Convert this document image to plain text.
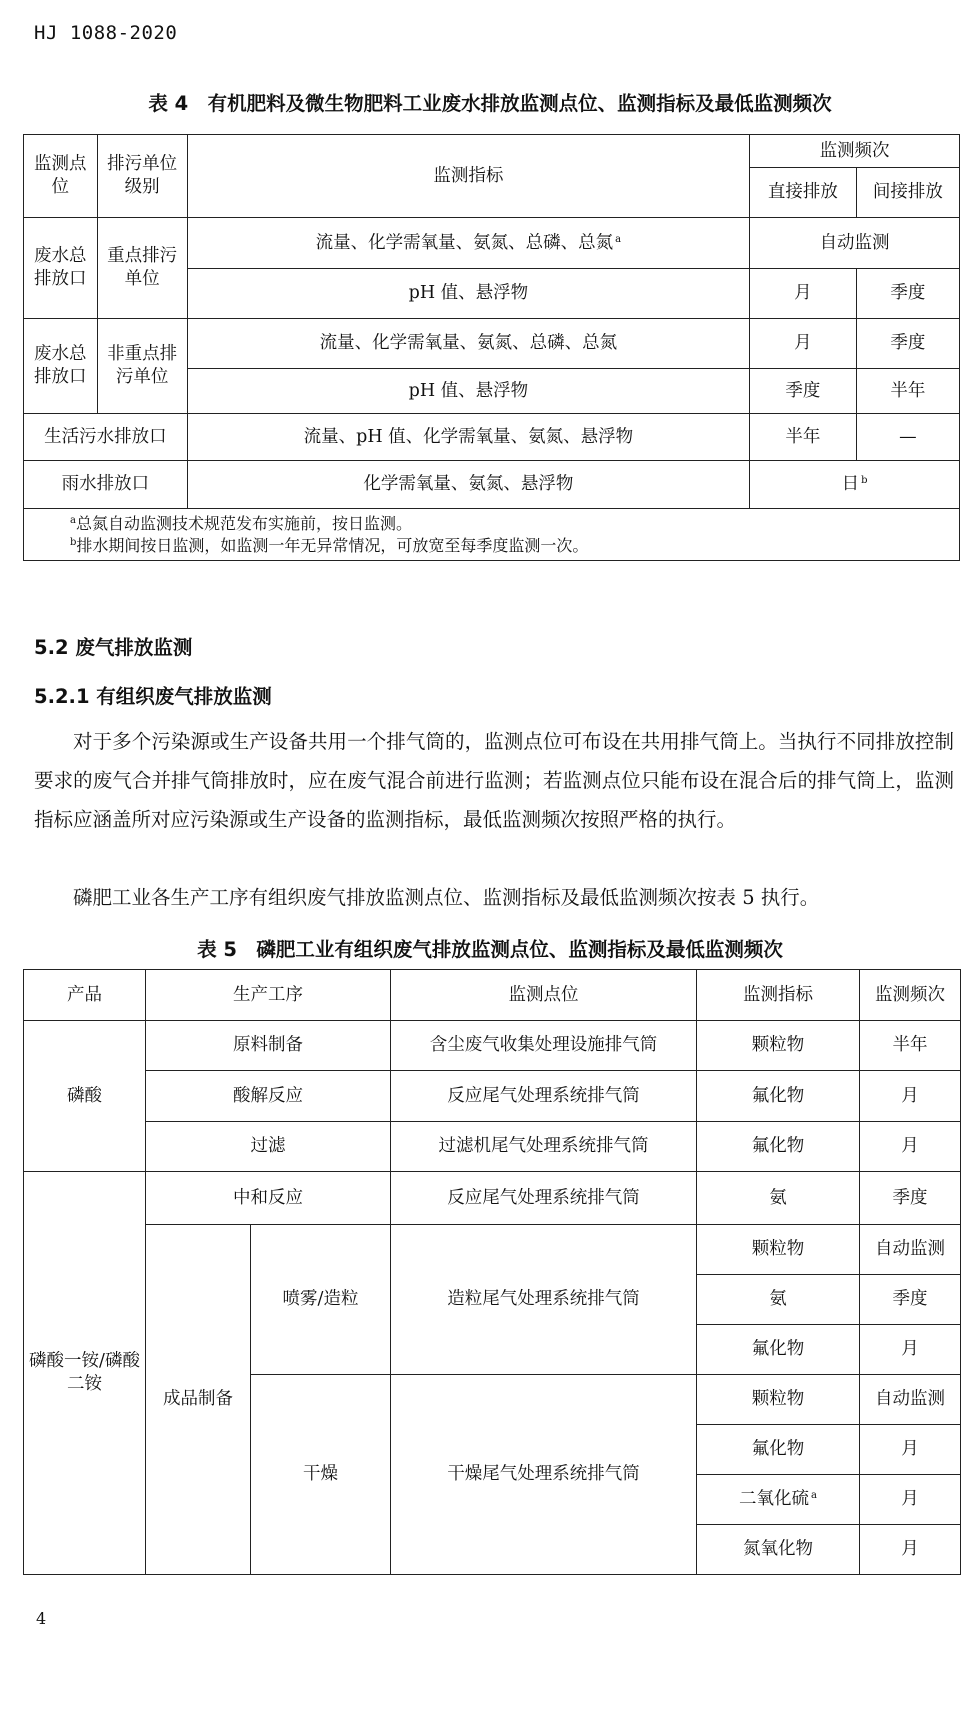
HJ 1088-2020
表 4　有机肥料及微生物肥料工业废水排放监测点位、监测指标及最低监测频次
监测点位	排污单位级别	监测指标	监测频次	
			直接排放	间接排放
废水总排放口	重点排污单位	流量、化学需氧量、氨氮、总磷、总氮 $^a$	自动监测	
		pH 值、悬浮物	月	季度
废水总排放口	非重点排污单位	流量、化学需氧量、氨氮、总磷、总氮	月	季度
		pH 值、悬浮物	季度	半年
生活污水排放口		流量、pH 值、化学需氧量、氨氮、悬浮物	半年	—
雨水排放口		化学需氧量、氨氮、悬浮物	日 $^b$

$^a$总氮自动监测技术规范发布实施前，按日监测。
$^b$排水期间按日监测，如监测一年无异常情况，可放宽至每季度监测一次。				
5.2 废气排放监测
5.2.1 有组织废气排放监测
对于多个污染源或生产设备共用一个排气筒的，监测点位可布设在共用排气筒上。当执行不同排放控制要求的废气合并排气筒排放时，应在废气混合前进行监测；若监测点位只能布设在混合后的排气筒上，监测指标应涵盖所对应污染源或生产设备的监测指标，最低监测频次按照严格的执行。
磷肥工业各生产工序有组织废气排放监测点位、监测指标及最低监测频次按表 5 执行。
表 5　磷肥工业有组织废气排放监测点位、监测指标及最低监测频次
产品	生产工序		监测点位	监测指标	监测频次
磷酸	原料制备		含尘废气收集处理设施排气筒	颗粒物	半年
	酸解反应		反应尾气处理系统排气筒	氟化物	月
	过滤		过滤机尾气处理系统排气筒	氟化物	月
磷酸一铵/磷酸二铵	中和反应		反应尾气处理系统排气筒	氨	季度
	成品制备	喷雾/造粒	造粒尾气处理系统排气筒	颗粒物	自动监测
				氨	季度
				氟化物	月
		干燥	干燥尾气处理系统排气筒	颗粒物	自动监测
				氟化物	月
				二氧化硫 $^a$	月
				氮氧化物	月
4
